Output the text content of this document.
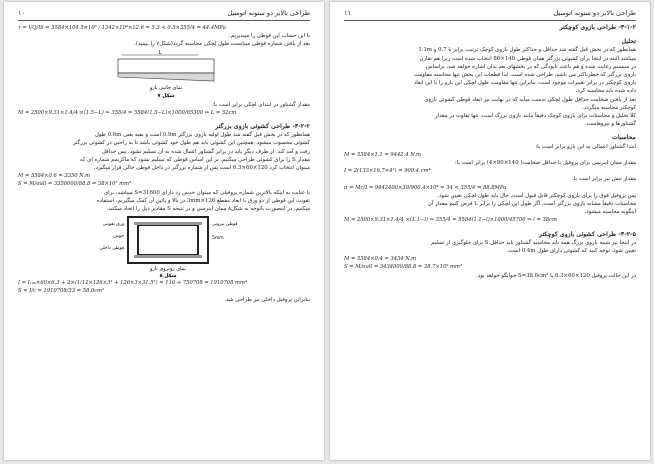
۱۰	طراحی بالابر دو ستونه اتومبیل
τ = VQ/Ib = 5584×104.5×10³ / 1342×10⁴×12.6 = 5.3 < 0.5×355/4 = 44.4MPa
با این حساب این قوطی را میپذیریم.
بعد از یافتن شماره قوطی میبایست طول لچکی محاسبه گردد(شکل۷ را ببینید).
L
نمای جانبی بازو
شکل ۷
مقدار گشتاور در ابتدای لچکی برابر است با:
M = 2500×9.31×1.4/4 ×(1.5−L) ⇒ 355/4 = 5584(1.5−L)×1000/65300 ⇒ L = 52cm
۳-۲-۲- طراحی کشوئی بازوی بزرگتر
همانطور که در بخش قبل گفته شد طول اولیه بازوی بزرگتر 0.9m است و بقیه یعنی 0.6m طول
کشوئی محسوب میشود. همچنین این کشوئی باید هم طول خود کشوئی باشد تا به راحتی در کشوئی بزرگتر
رفت و آمد کند. از طرف دیگر باید در برابر گشتاور اعمال شده به آن تسلیم نشود. پس حداقل
مقدار S را برای کشوئی طراحی میکنیم. بر این اساس قوطی که تسلیم نشود که ماکزیمم شماره ای که
میتوان انتخاب کرد 120×60×6.3 است پس از شماره بزرگتر در داخل قوطی خالی قرار میگیرد.
M = 5584×0.6 = 3350 N.m
S = M/σall = 3350000/88.8 = 38×10³ mm³
با عنایت به اینکه بالاترین شماره پروفیلی که میتوان حدس زد دارای S=31600 میباشد، برای
تقویت این قوطی از دو ورق با ابعاد مقطع 126×3mm در بالا و پائین آن کمک میگیریم، استفاده
میکنیم. در اینصورت باتوجه به شکل۸ ممان اینرسی و در نتیجه S مقادیر ذیل را اتخاذ میکنند.
ورق تقویتی
جوش
قوطی داخلی
قوطی بیرونی
5mm
نمای روبروی بازو
شکل ۸
I = I₁₂₀×60×6.3 + 2×(1/12×126×3³ + 126×3×31.5²) = 116 + 750708 = 1910708 mm⁴
S = I/c = 1910708/33 = 58.0cm³
بنابراین پروفیل داخلی نیز طراحی شد.
۱۱	طراحی بالابر دو ستونه اتومبیل
۳-۱-۲- طراحی بازوی کوچکتر
تحلیل
همانطور که در بخش قبل گفته شد حداقل و حداکثر طول بازوی کوچک ترتیب برابر با 0.7 و 1.1m
میباشد.البته در اینجا برای کشوئی بزرگتر همان قوطی 140×80 انتخاب شده است زیرا هم تقارن
در سیستم رعایت شده و هم باعث نابودگی که در بخشهای بعد بدان اشاره خواهد شد، براساس
بازوی بزرگتر که خطرناکتر می باشد، طراحی شده است. لذا قطعات این بخش تنها محاسبه مقاومت
بازوی کوچکتر در برابر تغییرات موجود است. بنابراین تنها مقاومت طول لچکی این بازو را با این ابعاد
داده شده باید محاسبه کرد.
بعد از یافتن ضخامت حداقل طول لچکی بدست میآید که در نهایت نیز ابعاد قوطی کشوئی بازوی
کوچکتر محاسبه میگردد.
کلاً تحلیل و محاسبات برای بازوی کوچک دقیقاً مانند بازوی بزرگ است. تنها تفاوت در مقدار
گشتاورها و نیروهاست.
محاسبات
ابتدا گشتاور اعمالی به این بازو برابر است با:
M = 5584×1.1 = 9442.4 N.m
مقدار ممان اینرسی برای پروفیل با حداقل ضخامت( 140×80×4) برابر است با:
I = 2(133×16.7×4²) = 900.4 cm⁴
مقدار تنش نیز برابر است با:
σ = Mc/I = 9442400×30/900.4×10⁴ = 34 < 355/4 = 88.8MPa
پس پروفیل فوق را برای بازوی کوچکتر قابل قبول است. حال باید طول لچکی تعیین شود.
محاسبات دقیقاً مشابه بازوی بزرگتر است، اگر طول این لچکی را برابر L فرض کنیم مقدار آن
اینگونه محاسبه میشود.
M = 2500×9.31×1.4/4 ×(1.1−l) ⇒ 355/4 = 5584(1.1−l)×1000/45700 ⇒ l = 38cm
۳-۲-۵- طراحی کشوئی بازوی کوچکتر
در اینجا نیز شبیه بازوی بزرگ همه باید محاسبه گشتاور باید حداقل S برای جلوگیری از تسلیم
تعیین شود. توجه کنید که کشوئی دارای طول 0.4m است.
M = 5584×0.4 = 3434 N.m
S = M/σall = 3434000/88.8 = 38.7×10³ mm³
در این حالت پروفیل 120×60×6.3 با S=38.6cm³ جوابگو خواهد بود.
